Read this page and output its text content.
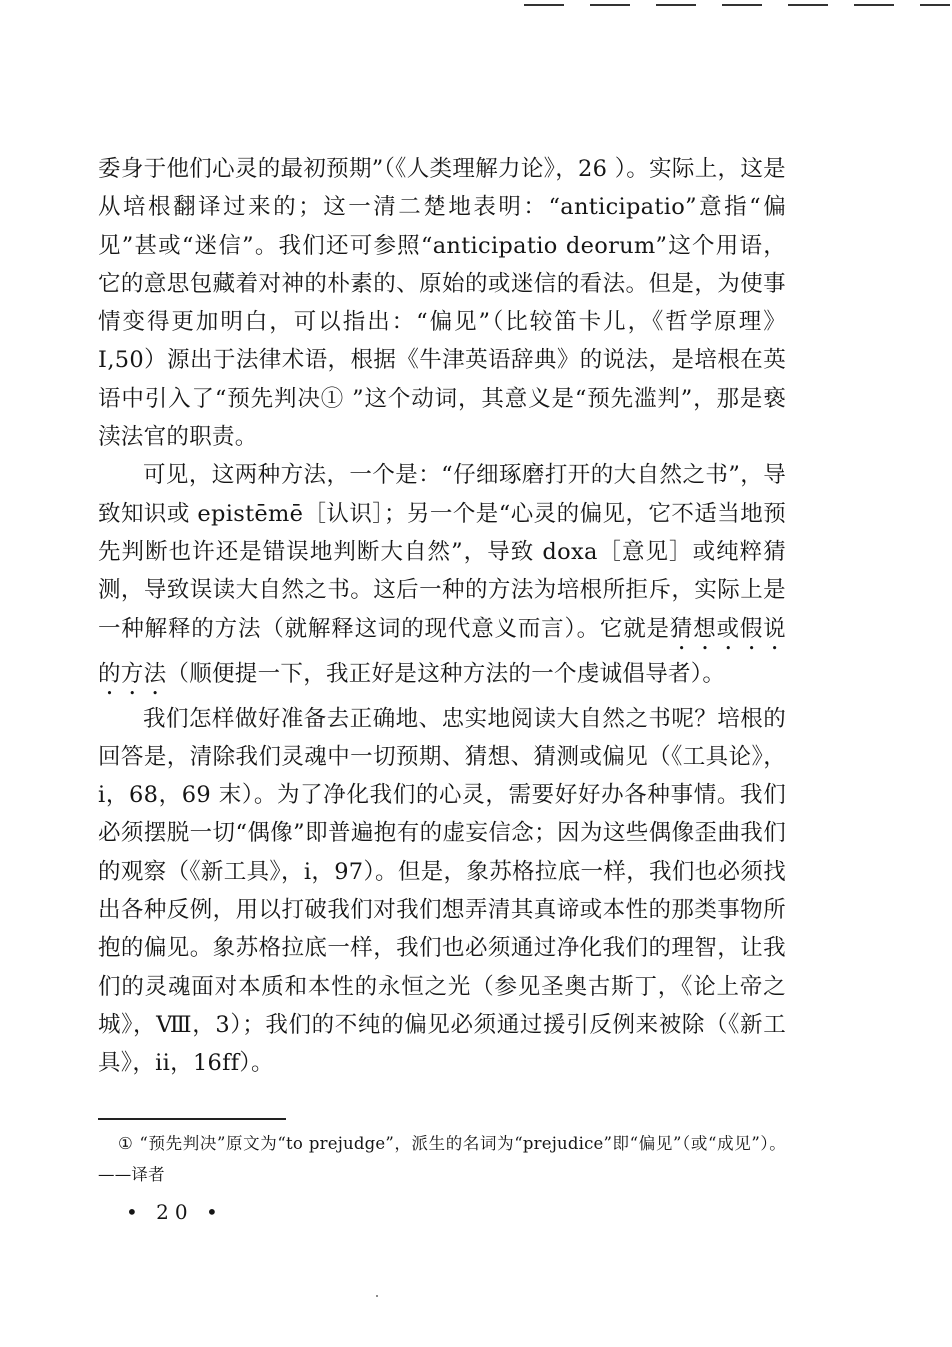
委身于他们心灵的最初预期”（《人类理解力论》，26 ）。实际上，这是从培根翻译过来的；这一清二楚地表明：“anticipatio”意指“偏见”甚或“迷信”。我们还可参照“anticipatio deorum”这个用语，它的意思包藏着对神的朴素的、原始的或迷信的看法。但是，为使事情变得更加明白，可以指出：“偏见”（比较笛卡儿，《哲学原理》Ⅰ,50）源出于法律术语，根据《牛津英语辞典》的说法，是培根在英语中引入了“预先判决① ”这个动词，其意义是“预先滥判”，那是亵渎法官的职责。

可见，这两种方法，一个是：“仔细琢磨打开的大自然之书”，导致知识或 epistēmē［认识］；另一个是“心灵的偏见，它不适当地预先判断也许还是错误地判断大自然”，导致 doxa［意见］或纯粹猜测，导致误读大自然之书。这后一种的方法为培根所拒斥，实际上是一种解释的方法（就解释这词的现代意义而言）。它就是猜想或假说的方法（顺便提一下，我正好是这种方法的一个虔诚倡导者）。

我们怎样做好准备去正确地、忠实地阅读大自然之书呢？培根的回答是，清除我们灵魂中一切预期、猜想、猜测或偏见（《工具论》，i，68，69 末）。为了净化我们的心灵，需要好好办各种事情。我们必须摆脱一切“偶像”即普遍抱有的虚妄信念；因为这些偶像歪曲我们的观察（《新工具》，i，97）。但是，象苏格拉底一样，我们也必须找出各种反例，用以打破我们对我们想弄清其真谛或本性的那类事物所抱的偏见。象苏格拉底一样，我们也必须通过净化我们的理智，让我们的灵魂面对本质和本性的永恒之光（参见圣奥古斯丁，《论上帝之城》，Ⅷ，3）；我们的不纯的偏见必须通过援引反例来被除（《新工具》，ii，16ff）。

① “预先判决”原文为“to prejudge”，派生的名词为“prejudice”即“偏见”（或“成见”）。——译者
• 20 •
